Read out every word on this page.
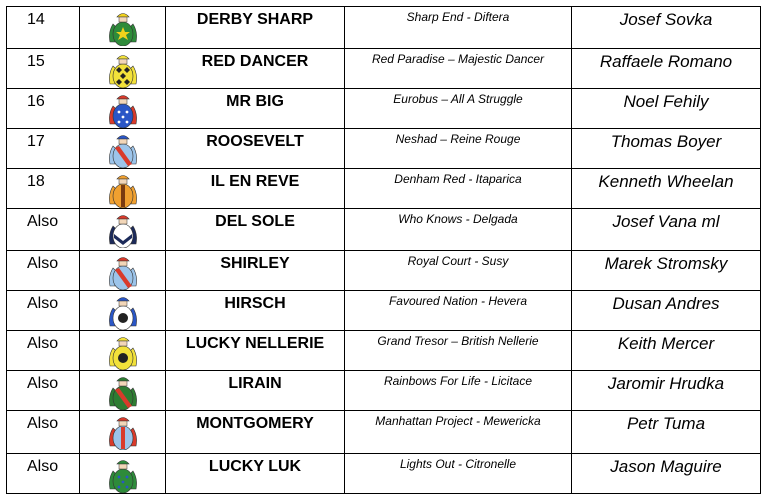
14		DERBY SHARP	Sharp End - Diftera	Josef Sovka
15		RED DANCER	Red Paradise – Majestic Dancer	Raffaele Romano
16		MR BIG	Eurobus – All A Struggle	Noel Fehily
17		ROOSEVELT	Neshad – Reine Rouge	Thomas Boyer
18		IL EN REVE	Denham Red - Itaparica	Kenneth Wheelan
Also		DEL SOLE	Who Knows - Delgada	Josef Vana ml
Also		SHIRLEY	Royal Court - Susy	Marek Stromsky
Also		HIRSCH	Favoured Nation - Hevera	Dusan Andres
Also		LUCKY NELLERIE	Grand Tresor – British Nellerie	Keith Mercer
Also		LIRAIN	Rainbows For Life - Licitace	Jaromir Hrudka
Also		MONTGOMERY	Manhattan Project - Mewericka	Petr Tuma
Also		LUCKY LUK	Lights Out - Citronelle	Jason Maguire
